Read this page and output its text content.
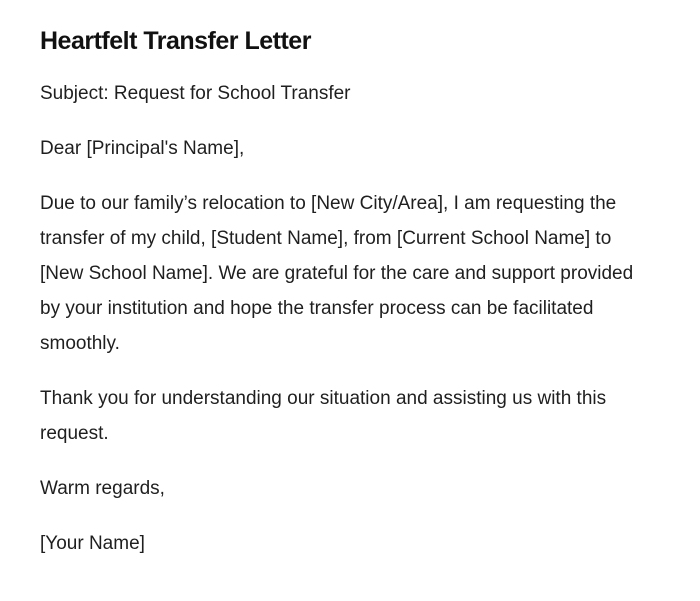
Heartfelt Transfer Letter

Subject: Request for School Transfer

Dear [Principal's Name],

Due to our family’s relocation to [New City/Area], I am requesting the transfer of my child, [Student Name], from [Current School Name] to [New School Name]. We are grateful for the care and support provided by your institution and hope the transfer process can be facilitated smoothly.

Thank you for understanding our situation and assisting us with this request.

Warm regards,

[Your Name]
